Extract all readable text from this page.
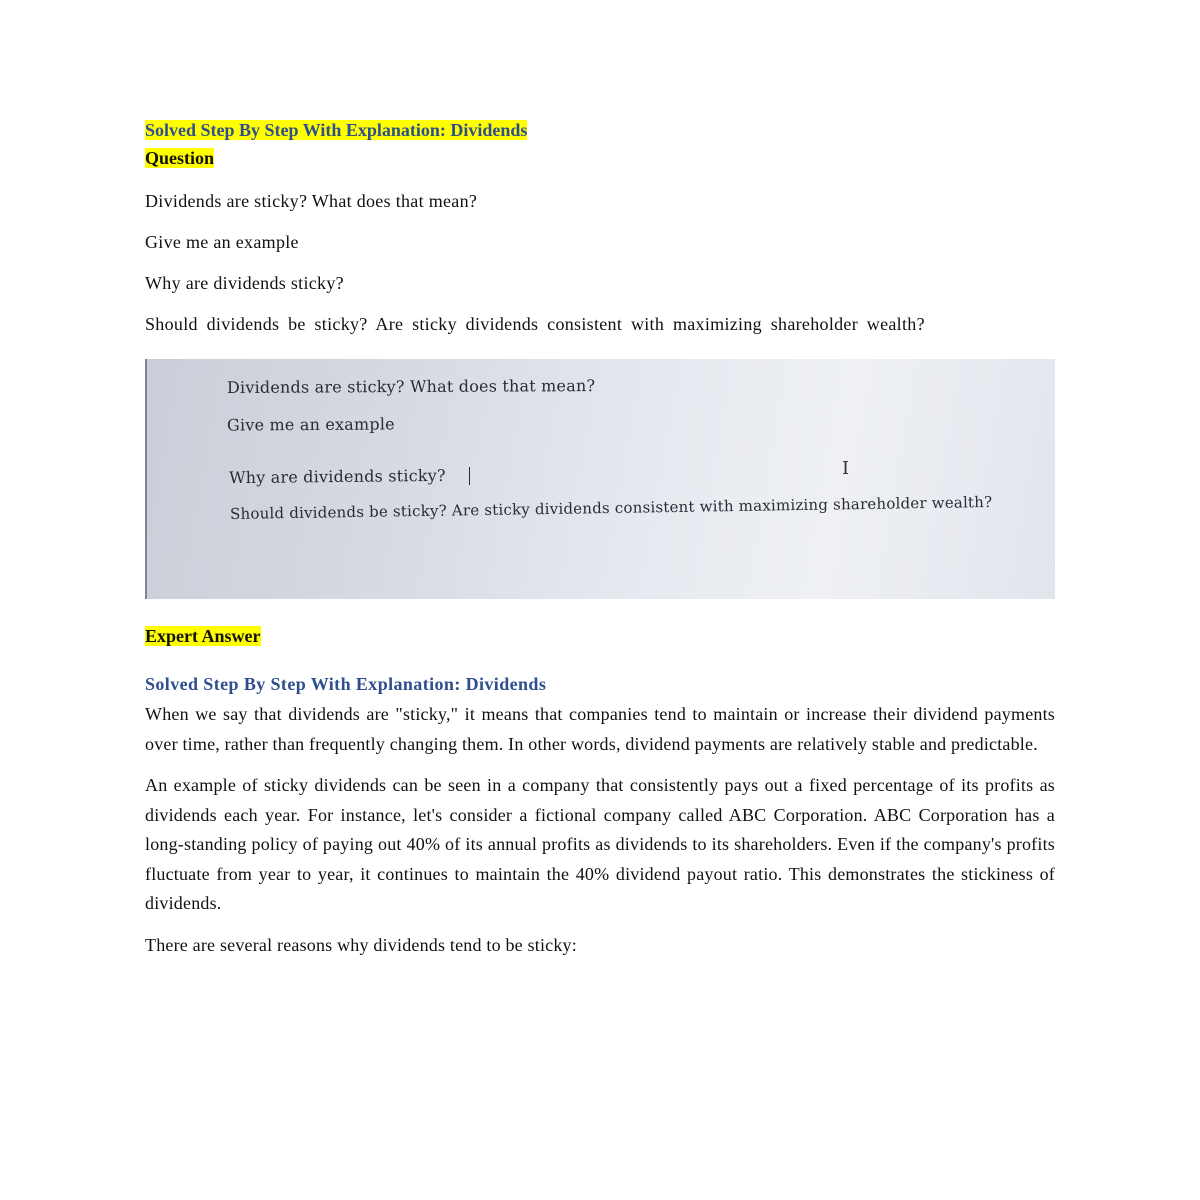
Solved Step By Step With Explanation: Dividends
Question

Dividends are sticky? What does that mean?

Give me an example

Why are dividends sticky?

Should dividends be sticky? Are sticky dividends consistent with maximizing shareholder wealth?

Dividends are sticky? What does that mean?
Give me an example
Why are dividends sticky?	I
Should dividends be sticky? Are sticky dividends consistent with maximizing shareholder wealth?
Expert Answer
Solved Step By Step With Explanation: Dividends

When we say that dividends are "sticky," it means that companies tend to maintain or increase their dividend payments over time, rather than frequently changing them. In other words, dividend payments are relatively stable and predictable.

An example of sticky dividends can be seen in a company that consistently pays out a fixed percentage of its profits as dividends each year. For instance, let's consider a fictional company called ABC Corporation. ABC Corporation has a long-standing policy of paying out 40% of its annual profits as dividends to its shareholders. Even if the company's profits fluctuate from year to year, it continues to maintain the 40% dividend payout ratio. This demonstrates the stickiness of dividends.

There are several reasons why dividends tend to be sticky:
